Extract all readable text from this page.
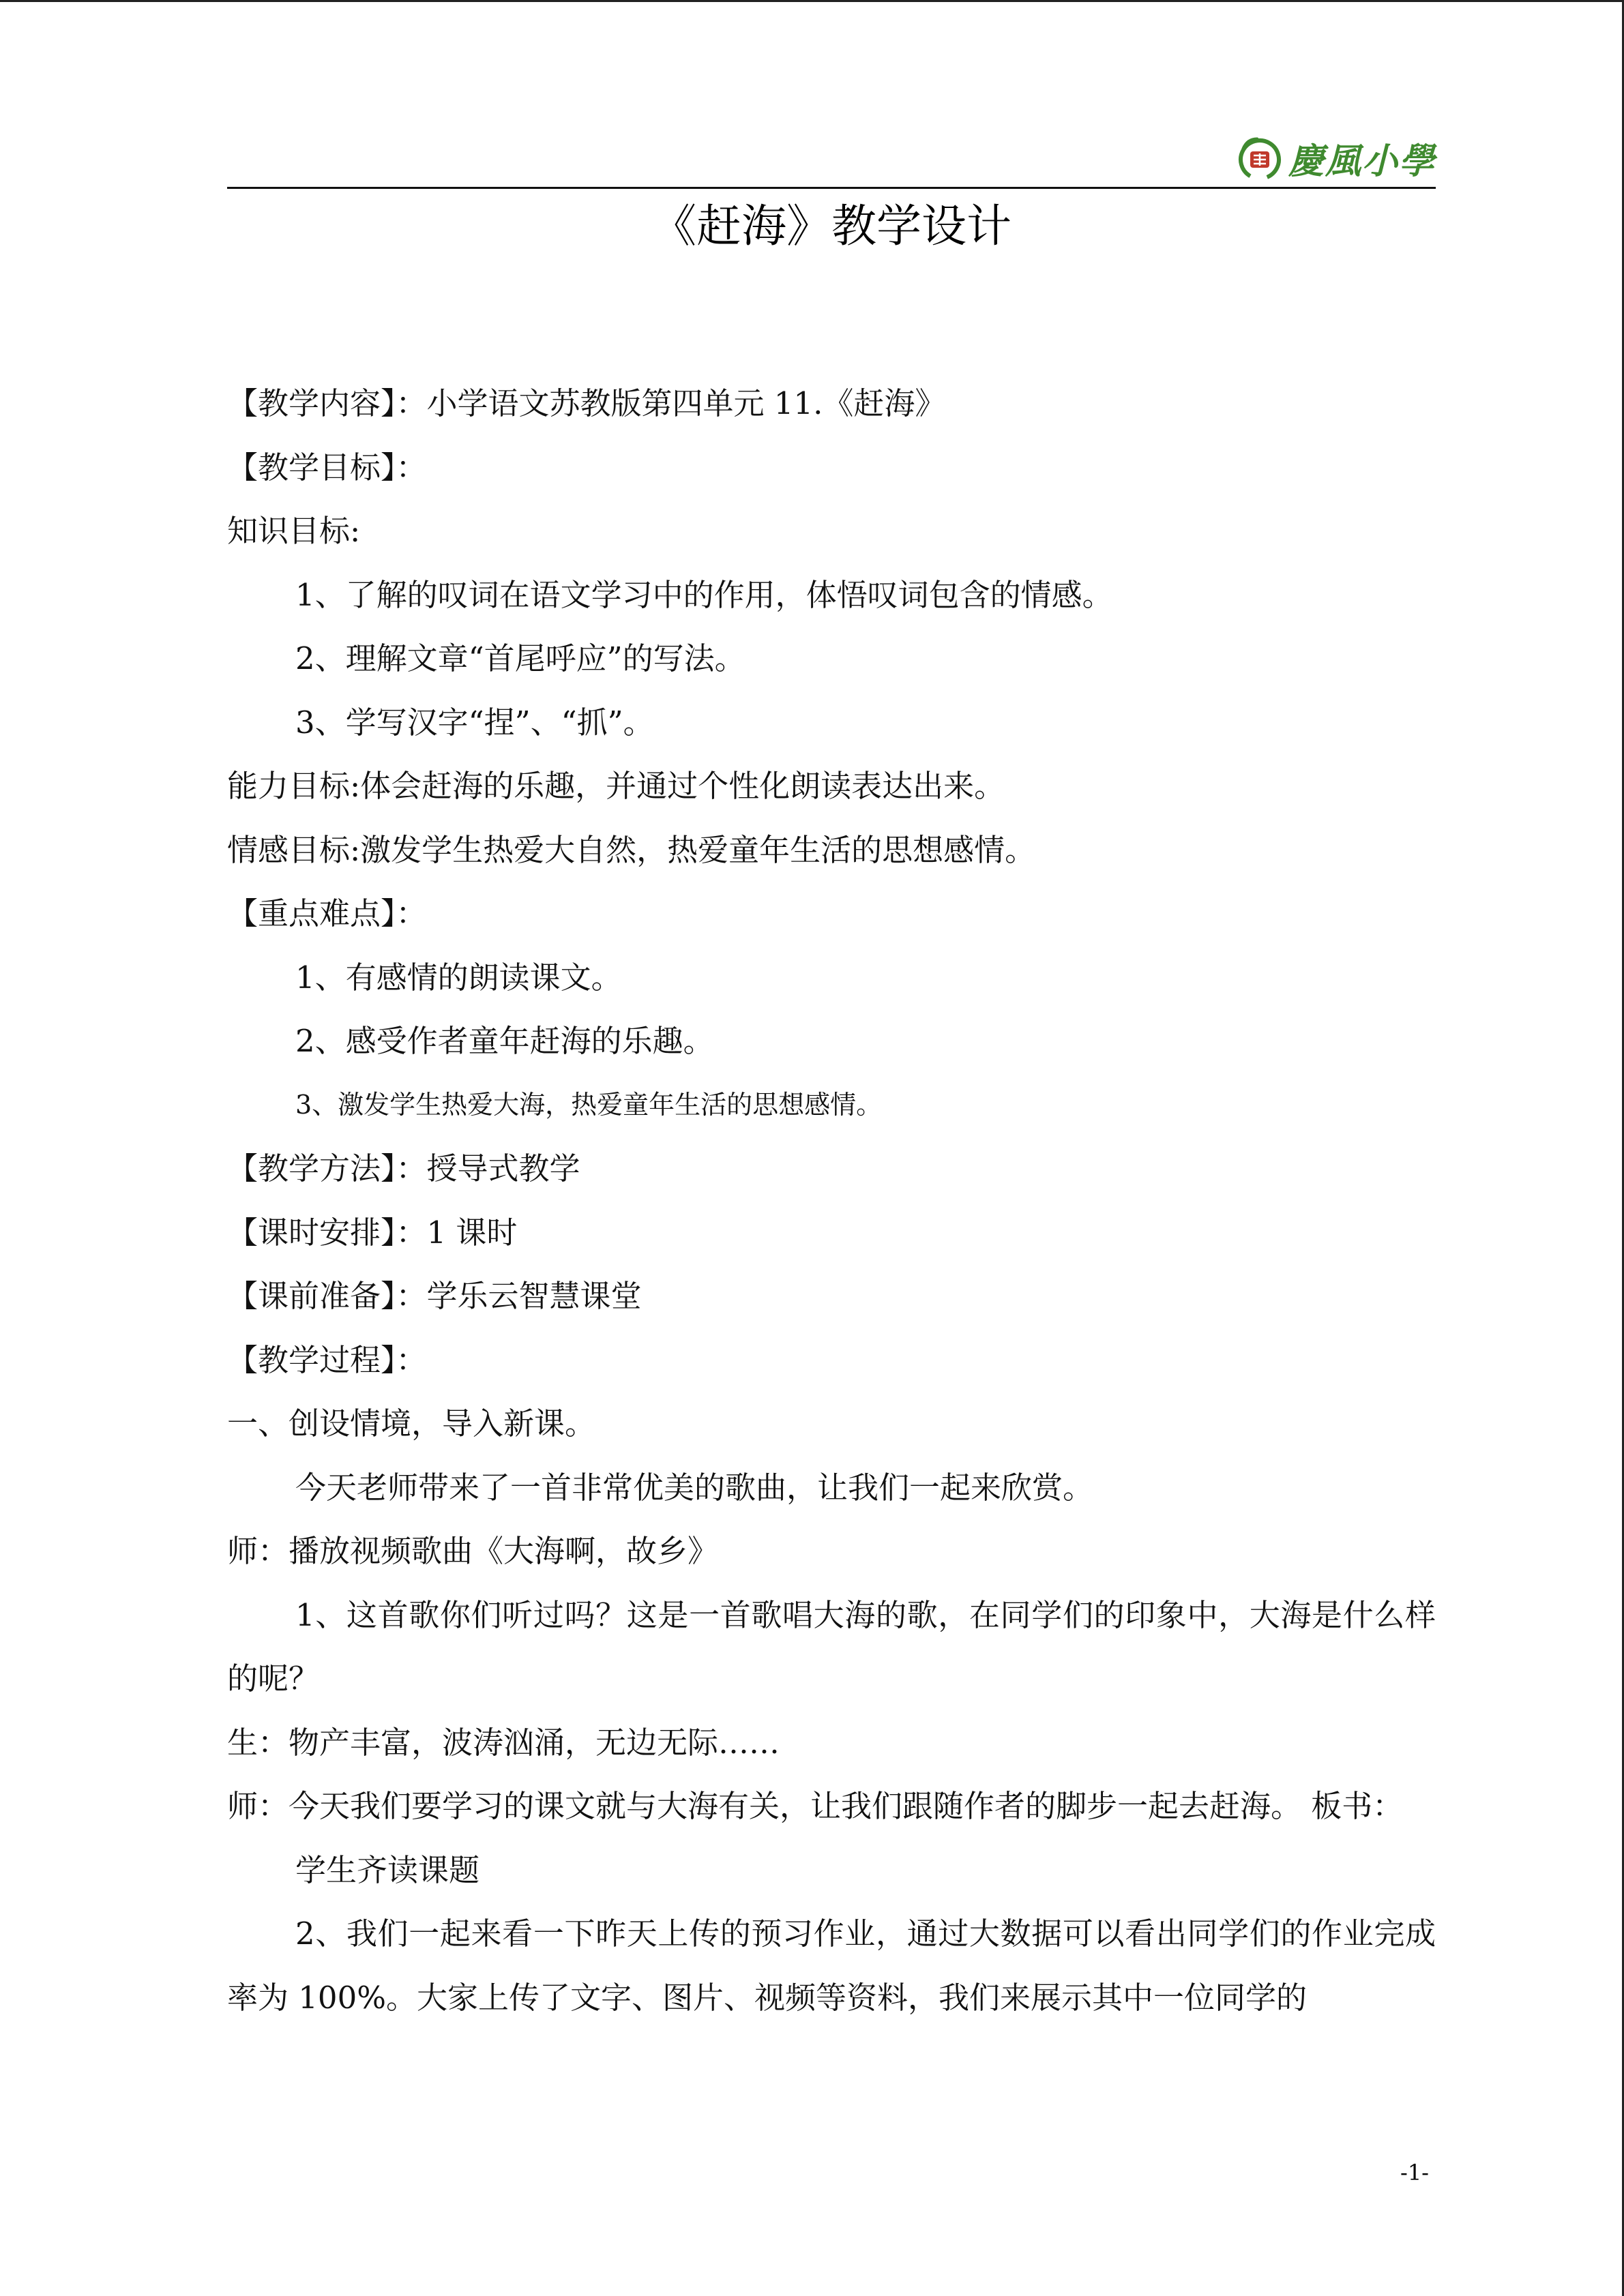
慶風小學
《赶海》教学设计
【教学内容】：小学语文苏教版第四单元 11.《赶海》
【教学目标】：
知识目标:
1、了解的叹词在语文学习中的作用，体悟叹词包含的情感。
2、理解文章“首尾呼应”的写法。
3、学写汉字“捏”、“抓”。
能力目标:体会赶海的乐趣，并通过个性化朗读表达出来。
情感目标:激发学生热爱大自然，热爱童年生活的思想感情。
【重点难点】：
1、有感情的朗读课文。
2、感受作者童年赶海的乐趣。
3、激发学生热爱大海，热爱童年生活的思想感情。
【教学方法】：授导式教学
【课时安排】：1 课时
【课前准备】：学乐云智慧课堂
【教学过程】：
一、创设情境，导入新课。
今天老师带来了一首非常优美的歌曲，让我们一起来欣赏。
师：播放视频歌曲《大海啊，故乡》
1、这首歌你们听过吗？这是一首歌唱大海的歌，在同学们的印象中，大海是什么样的呢？
生：物产丰富，波涛汹涌，无边无际……
师：今天我们要学习的课文就与大海有关，让我们跟随作者的脚步一起去赶海。 板书：
学生齐读课题
2、我们一起来看一下昨天上传的预习作业，通过大数据可以看出同学们的作业完成率为 100%。大家上传了文字、图片、视频等资料，我们来展示其中一位同学的
-1-
